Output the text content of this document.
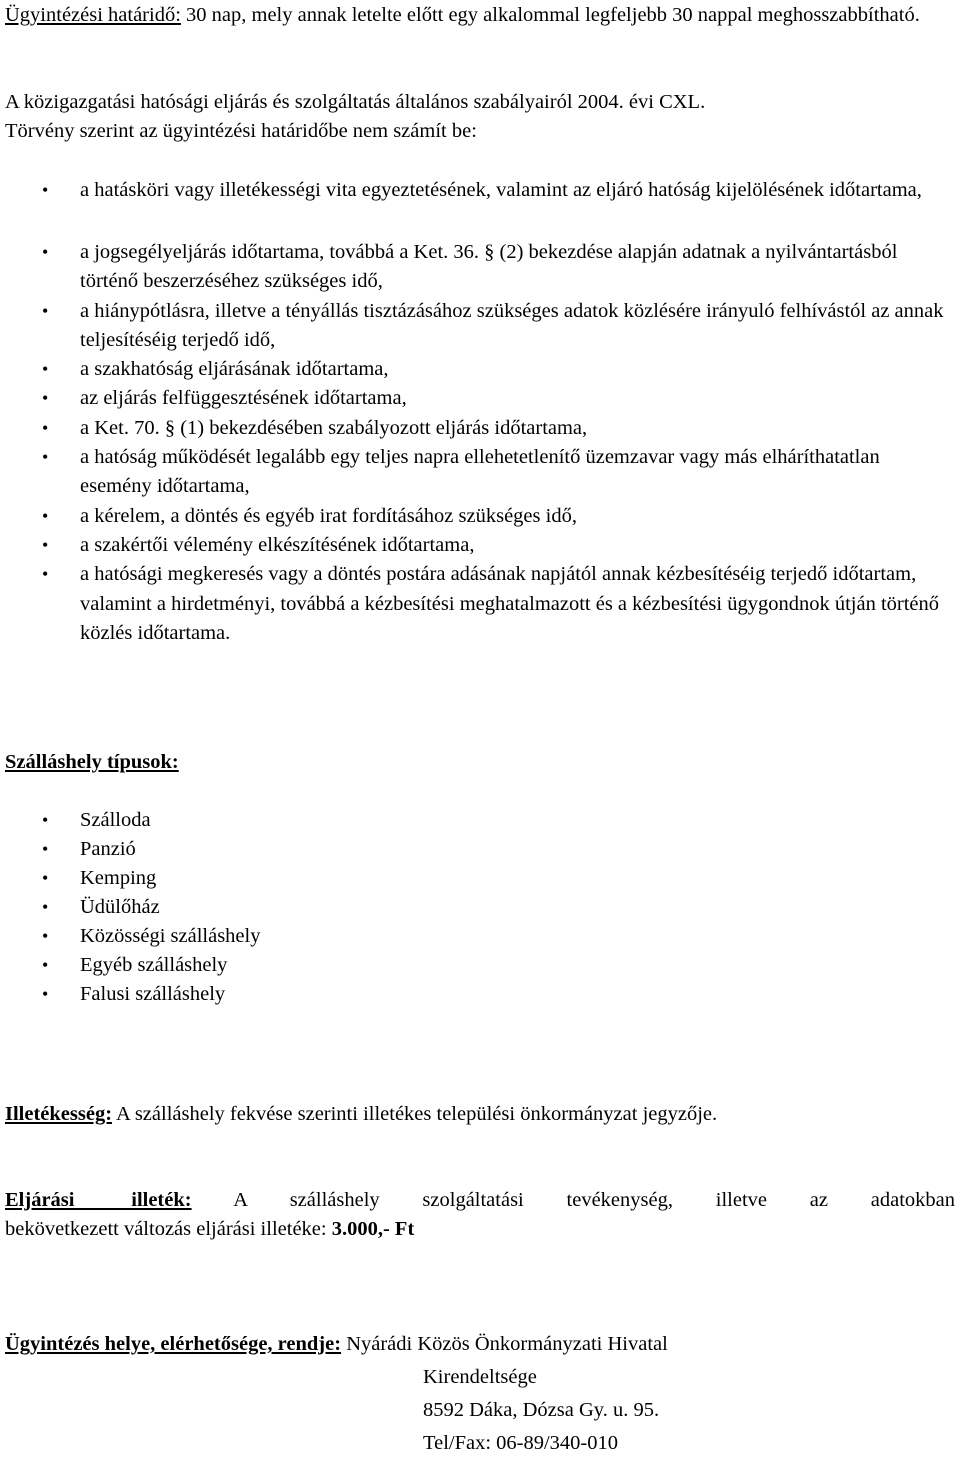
Ügyintézési határidő: 30 nap, mely annak letelte előtt egy alkalommal legfeljebb 30 nappal meghosszabbítható.

A közigazgatási hatósági eljárás és szolgáltatás általános szabályairól 2004. évi CXL.
Törvény szerint az ügyintézési határidőbe nem számít be:

• a hatásköri vagy illetékességi vita egyeztetésének, valamint az eljáró hatóság kijelölésének időtartama,
• a jogsegélyeljárás időtartama, továbbá a Ket. 36. § (2) bekezdése alapján adatnak a nyilvántartásból történő beszerzéséhez szükséges idő,
• a hiánypótlásra, illetve a tényállás tisztázásához szükséges adatok közlésére irányuló felhívástól az annak teljesítéséig terjedő idő,
• a szakhatóság eljárásának időtartama,
• az eljárás felfüggesztésének időtartama,
• a Ket. 70. § (1) bekezdésében szabályozott eljárás időtartama,
• a hatóság működését legalább egy teljes napra ellehetetlenítő üzemzavar vagy más elháríthatatlan esemény időtartama,
• a kérelem, a döntés és egyéb irat fordításához szükséges idő,
• a szakértői vélemény elkészítésének időtartama,
• a hatósági megkeresés vagy a döntés postára adásának napjától annak kézbesítéséig terjedő időtartam, valamint a hirdetményi, továbbá a kézbesítési meghatalmazott és a kézbesítési ügygondnok útján történő közlés időtartama.

Szálláshely típusok:

• Szálloda
• Panzió
• Kemping
• Üdülőház
• Közösségi szálláshely
• Egyéb szálláshely
• Falusi szálláshely

Illetékesség: A szálláshely fekvése szerinti illetékes települési önkormányzat jegyzője.

Eljárási illeték: A szálláshely szolgáltatási tevékenység, illetve az adatokban
bekövetkezett változás eljárási illetéke: 3.000,- Ft

Ügyintézés helye, elérhetősége, rendje: Nyárádi Közös Önkormányzati Hivatal

Kirendeltsége
8592 Dáka, Dózsa Gy. u. 95.
Tel/Fax: 06-89/340-010
